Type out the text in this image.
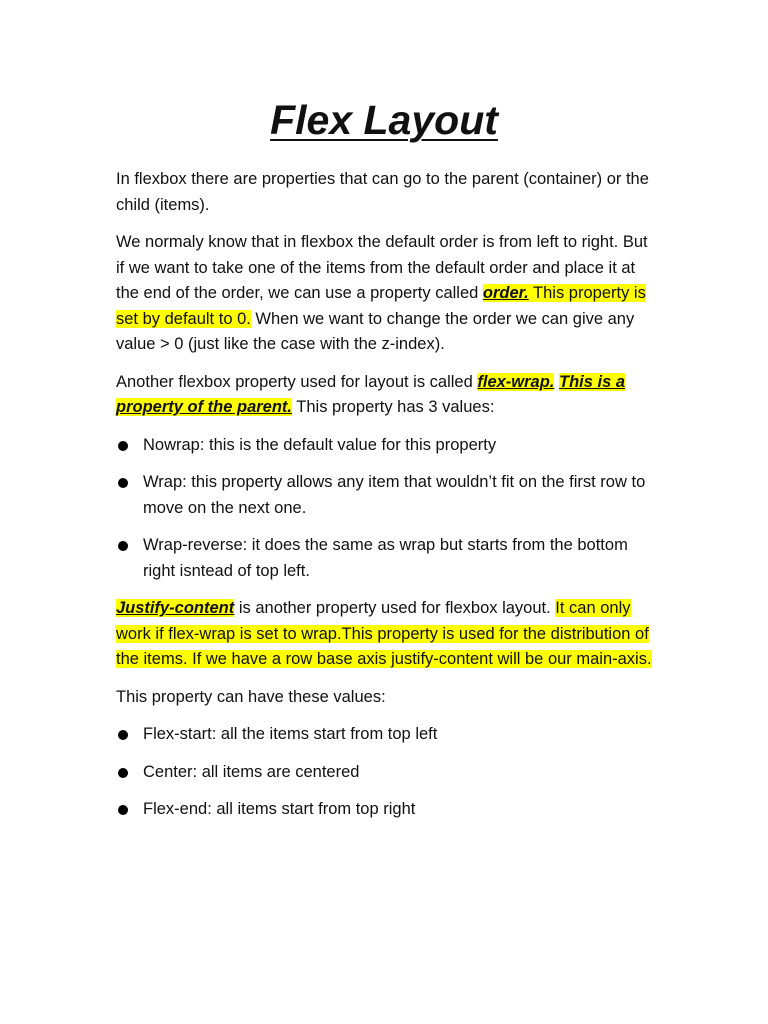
Flex Layout

In flexbox there are properties that can go to the parent (container) or the child (items).

We normaly know that in flexbox the default order is from left to right. But if we want to take one of the items from the default order and place it at the end of the order, we can use a property called order. This property is set by default to 0. When we want to change the order we can give any value > 0 (just like the case with the z-index).

Another flexbox property used for layout is called flex-wrap. This is a property of the parent. This property has 3 values:

Nowrap: this is the default value for this property
Wrap: this property allows any item that wouldn’t fit on the first row to move on the next one.
Wrap-reverse: it does the same as wrap but starts from the bottom right isntead of top left.

Justify-content is another property used for flexbox layout. It can only work if flex-wrap is set to wrap.This property is used for the distribution of the items. If we have a row base axis justify-content will be our main-axis.

This property can have these values:

Flex-start: all the items start from top left
Center: all items are centered
Flex-end: all items start from top right
